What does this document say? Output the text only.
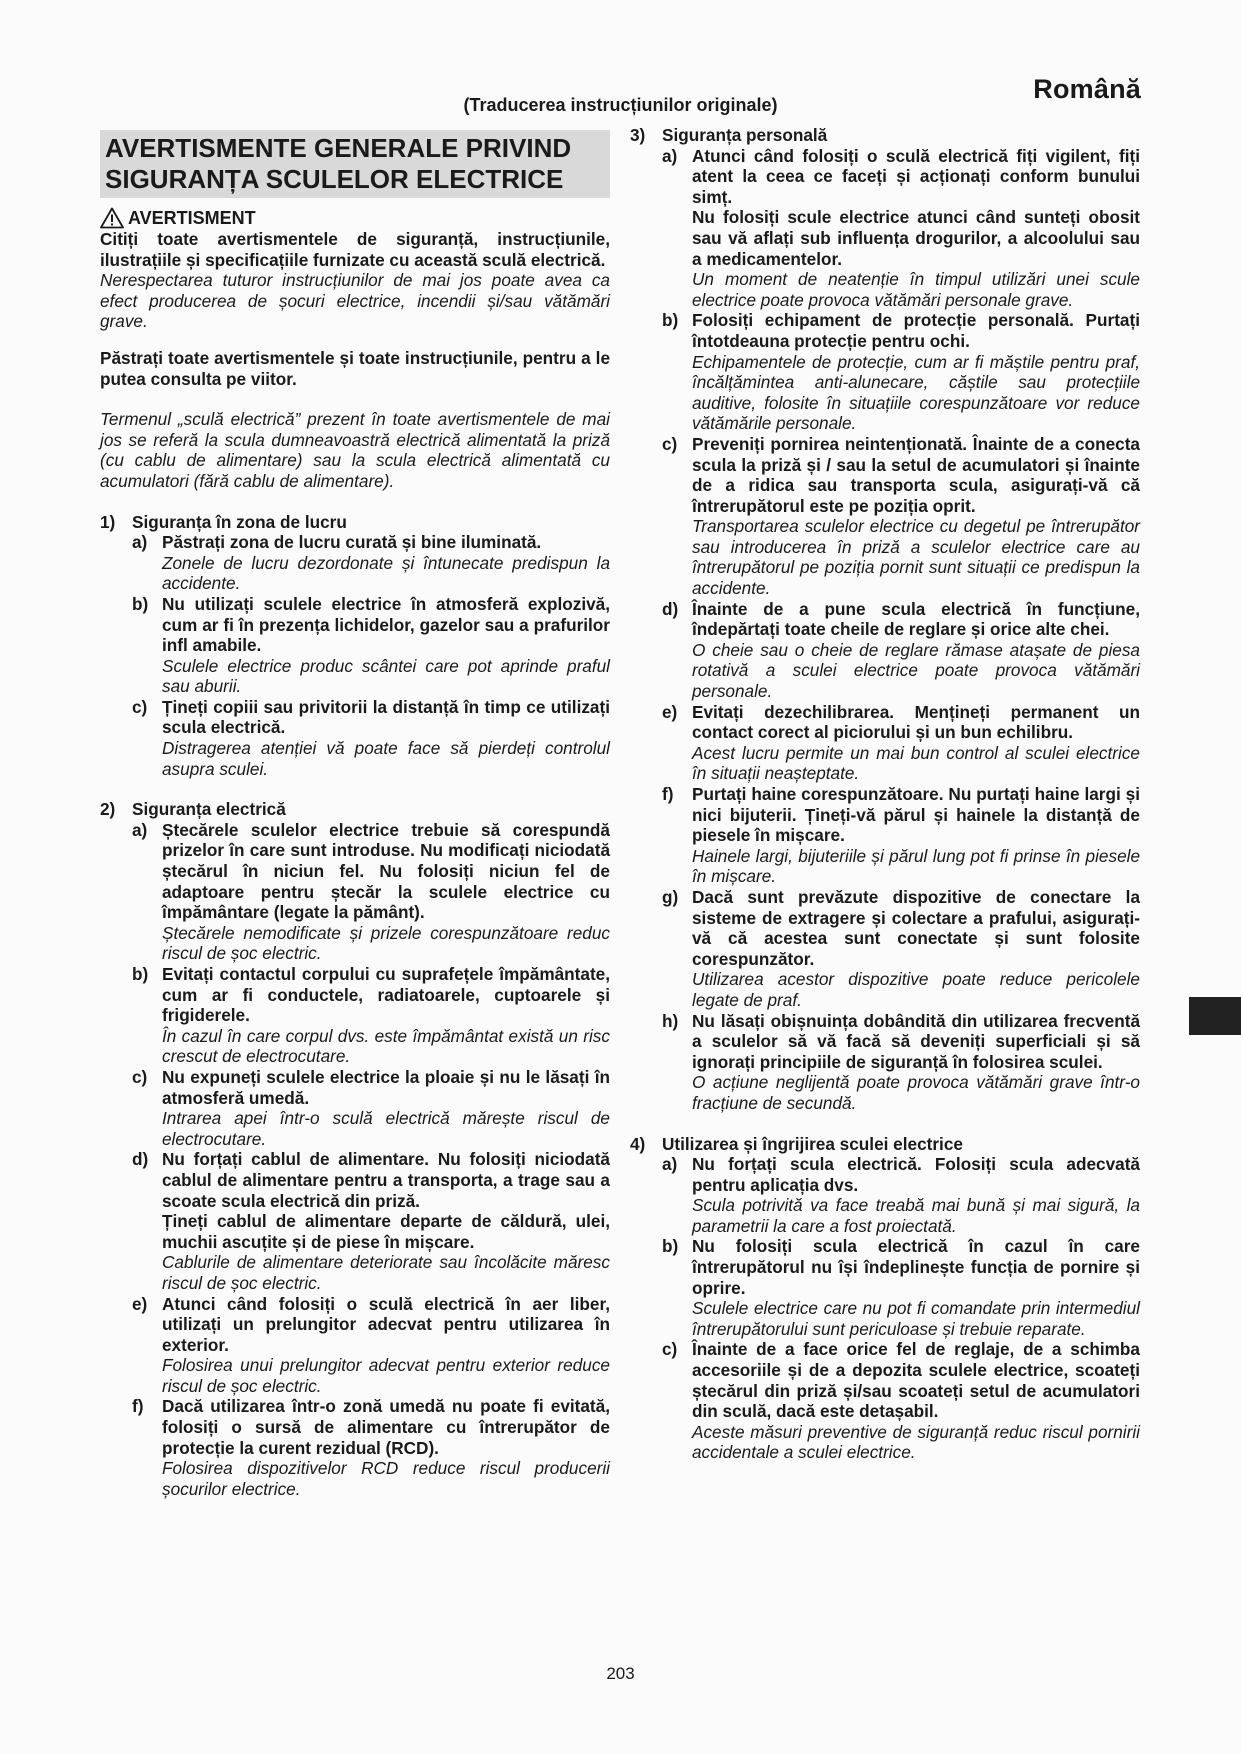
Română
(Traducerea instrucțiunilor originale)
AVERTISMENTE GENERALE PRIVIND
SIGURANȚA SCULELOR ELECTRICE
AVERTISMENT

Citiți toate avertismentele de siguranță, instrucțiunile, ilustrațiile și specificațiile furnizate cu această sculă electrică.

Nerespectarea tuturor instrucțiunilor de mai jos poate avea ca efect producerea de șocuri electrice, incendii și/sau vătămări grave.

Păstrați toate avertismentele și toate instrucțiunile, pentru a le putea consulta pe viitor.

Termenul „sculă electrică” prezent în toate avertismentele de mai jos se referă la scula dumneavoastră electrică alimentată la priză (cu cablu de alimentare) sau la scula electrică alimentată cu acumulatori (fără cablu de alimentare).

1) Siguranța în zona de lucru
a) Păstrați zona de lucru curată și bine iluminată.

Zonele de lucru dezordonate și întunecate predispun la accidente.

b) Nu utilizați sculele electrice în atmosferă explozivă, cum ar fi în prezența lichidelor, gazelor sau a prafurilor infl amabile.

Sculele electrice produc scântei care pot aprinde praful sau aburii.

c) Țineți copiii sau privitorii la distanță în timp ce utilizați scula electrică.

Distragerea atenției vă poate face să pierdeți controlul asupra sculei.

2) Siguranța electrică
a) Ștecărele sculelor electrice trebuie să corespundă prizelor în care sunt introduse. Nu modificați niciodată ștecărul în niciun fel. Nu folosiți niciun fel de adaptoare pentru ștecăr la sculele electrice cu împământare (legate la pământ).

Ștecărele nemodificate și prizele corespunzătoare reduc riscul de șoc electric.

b) Evitați contactul corpului cu suprafețele împământate, cum ar fi conductele, radiatoarele, cuptoarele și frigiderele.

În cazul în care corpul dvs. este împământat există un risc crescut de electrocutare.

c) Nu expuneți sculele electrice la ploaie și nu le lăsați în atmosferă umedă.

Intrarea apei într-o sculă electrică mărește riscul de electrocutare.

d) Nu forțați cablul de alimentare. Nu folosiți niciodată cablul de alimentare pentru a transporta, a trage sau a scoate scula electrică din priză.

Țineți cablul de alimentare departe de căldură, ulei, muchii ascuțite și de piese în mișcare.

Cablurile de alimentare deteriorate sau încolăcite măresc riscul de șoc electric.

e) Atunci când folosiți o sculă electrică în aer liber, utilizați un prelungitor adecvat pentru utilizarea în exterior.

Folosirea unui prelungitor adecvat pentru exterior reduce riscul de șoc electric.

f)	Dacă utilizarea într-o zonă umedă nu poate fi evitată, folosiți o sursă de alimentare cu întrerupător de protecție la curent rezidual (RCD).

Folosirea dispozitivelor RCD reduce riscul producerii șocurilor electrice.

3) Siguranța personală
a) Atunci când folosiți o sculă electrică fiți vigilent, fiți atent la ceea ce faceți și acționați conform bunului simț.

Nu folosiți scule electrice atunci când sunteți obosit sau vă aflați sub influența drogurilor, a alcoolului sau a medicamentelor.

Un moment de neatenție în timpul utilizări unei scule electrice poate provoca vătămări personale grave.

b) Folosiți echipament de protecție personală. Purtați întotdeauna protecție pentru ochi.

Echipamentele de protecție, cum ar fi măștile pentru praf, încălțămintea anti-alunecare, căștile sau protecțiile auditive, folosite în situațiile corespunzătoare vor reduce vătămările personale.

c) Preveniți pornirea neintenționată. Înainte de a conecta scula la priză și / sau la setul de acumulatori și înainte de a ridica sau transporta scula, asigurați-vă că întrerupătorul este pe poziția oprit.

Transportarea sculelor electrice cu degetul pe întrerupător sau introducerea în priză a sculelor electrice care au întrerupătorul pe poziția pornit sunt situații ce predispun la accidente.

d) Înainte de a pune scula electrică în funcțiune, îndepărtați toate cheile de reglare și orice alte chei.

O cheie sau o cheie de reglare rămase atașate de piesa rotativă a sculei electrice poate provoca vătămări personale.

e) Evitați dezechilibrarea. Mențineți permanent un contact corect al piciorului și un bun echilibru.

Acest lucru permite un mai bun control al sculei electrice în situații neașteptate.

f)	Purtați haine corespunzătoare. Nu purtați haine largi și nici bijuterii. Țineți-vă părul și hainele la distanță de piesele în mișcare.

Hainele largi, bijuteriile și părul lung pot fi prinse în piesele în mișcare.

g) Dacă sunt prevăzute dispozitive de conectare la sisteme de extragere și colectare a prafului, asigurați-vă că acestea sunt conectate și sunt folosite corespunzător.

Utilizarea acestor dispozitive poate reduce pericolele legate de praf.

h) Nu lăsați obișnuința dobândită din utilizarea frecventă a sculelor să vă facă să deveniți superficiali și să ignorați principiile de siguranță în folosirea sculei.

O acțiune neglijentă poate provoca vătămări grave într-o fracțiune de secundă.

4) Utilizarea și îngrijirea sculei electrice
a) Nu forțați scula electrică. Folosiți scula adecvată pentru aplicația dvs.

Scula potrivită va face treabă mai bună și mai sigură, la parametrii la care a fost proiectată.

b) Nu folosiți scula electrică în cazul în care întrerupătorul nu își îndeplinește funcția de pornire și oprire.

Sculele electrice care nu pot fi comandate prin intermediul întrerupătorului sunt periculoase și trebuie reparate.

c) Înainte de a face orice fel de reglaje, de a schimba accesoriile și de a depozita sculele electrice, scoateți ștecărul din priză și/sau scoateți setul de acumulatori din sculă, dacă este detașabil.

Aceste măsuri preventive de siguranță reduc riscul pornirii accidentale a sculei electrice.

203
